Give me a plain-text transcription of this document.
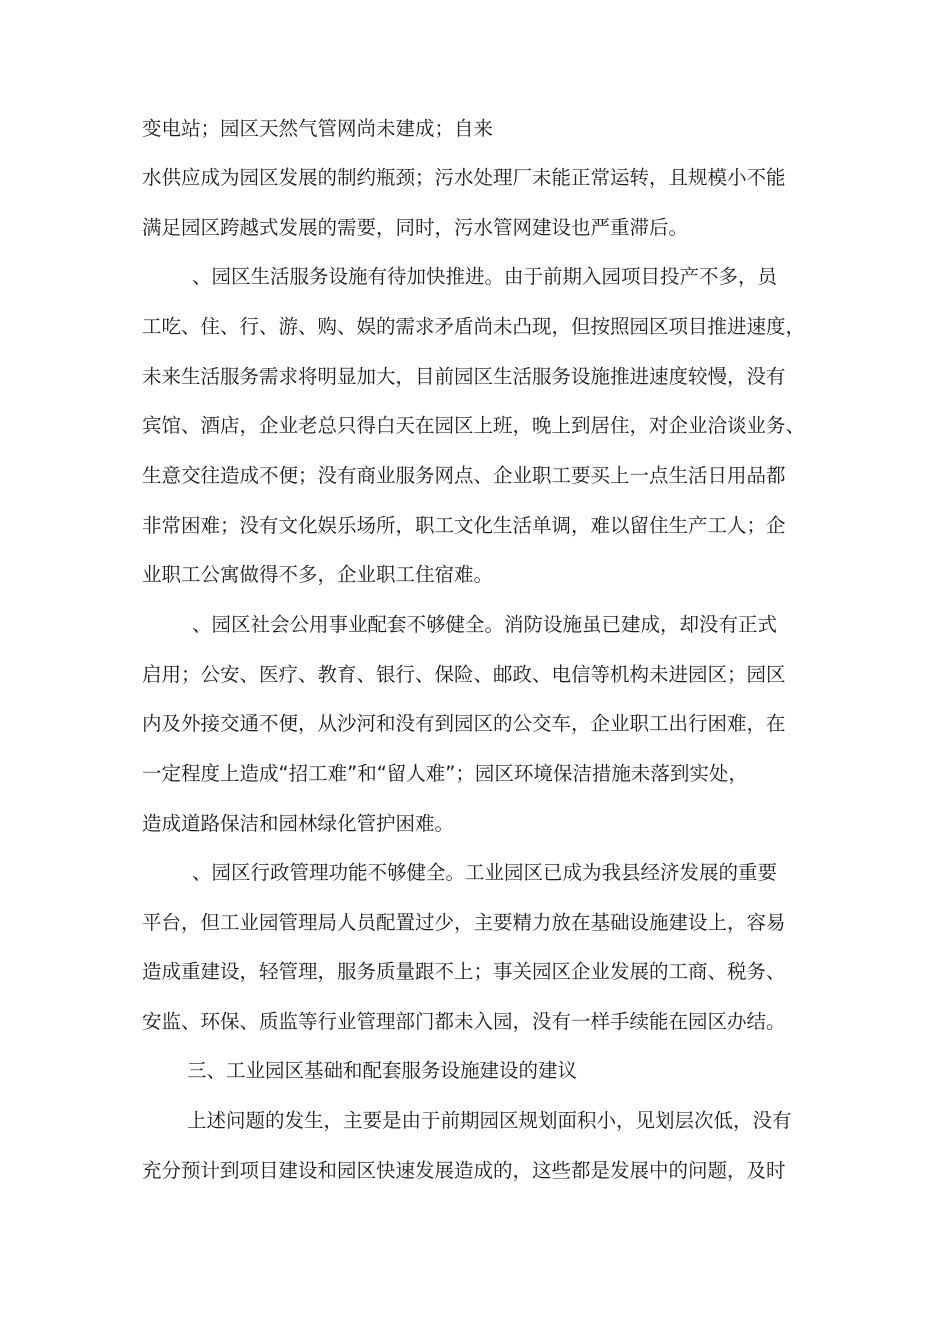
变电站；园区天然气管网尚未建成；自来
水供应成为园区发展的制约瓶颈；污水处理厂未能正常运转，且规模小不能
满足园区跨越式发展的需要，同时，污水管网建设也严重滞后。
、园区生活服务设施有待加快推进。由于前期入园项目投产不多，员
工吃、住、行、游、购、娱的需求矛盾尚未凸现，但按照园区项目推进速度，
未来生活服务需求将明显加大，目前园区生活服务设施推进速度较慢，没有
宾馆、酒店，企业老总只得白天在园区上班，晚上到居住，对企业洽谈业务、
生意交往造成不便；没有商业服务网点、企业职工要买上一点生活日用品都
非常困难；没有文化娱乐场所，职工文化生活单调，难以留住生产工人；企
业职工公寓做得不多，企业职工住宿难。
、园区社会公用事业配套不够健全。消防设施虽已建成，却没有正式
启用；公安、医疗、教育、银行、保险、邮政、电信等机构未进园区；园区
内及外接交通不便，从沙河和没有到园区的公交车，企业职工出行困难，在
一定程度上造成“招工难”和“留人难”；园区环境保洁措施未落到实处，
造成道路保洁和园林绿化管护困难。
、园区行政管理功能不够健全。工业园区已成为我县经济发展的重要
平台，但工业园管理局人员配置过少，主要精力放在基础设施建设上，容易
造成重建设，轻管理，服务质量跟不上；事关园区企业发展的工商、税务、
安监、环保、质监等行业管理部门都未入园，没有一样手续能在园区办结。
三、工业园区基础和配套服务设施建设的建议
上述问题的发生，主要是由于前期园区规划面积小，见划层次低，没有
充分预计到项目建设和园区快速发展造成的，这些都是发展中的问题，及时
